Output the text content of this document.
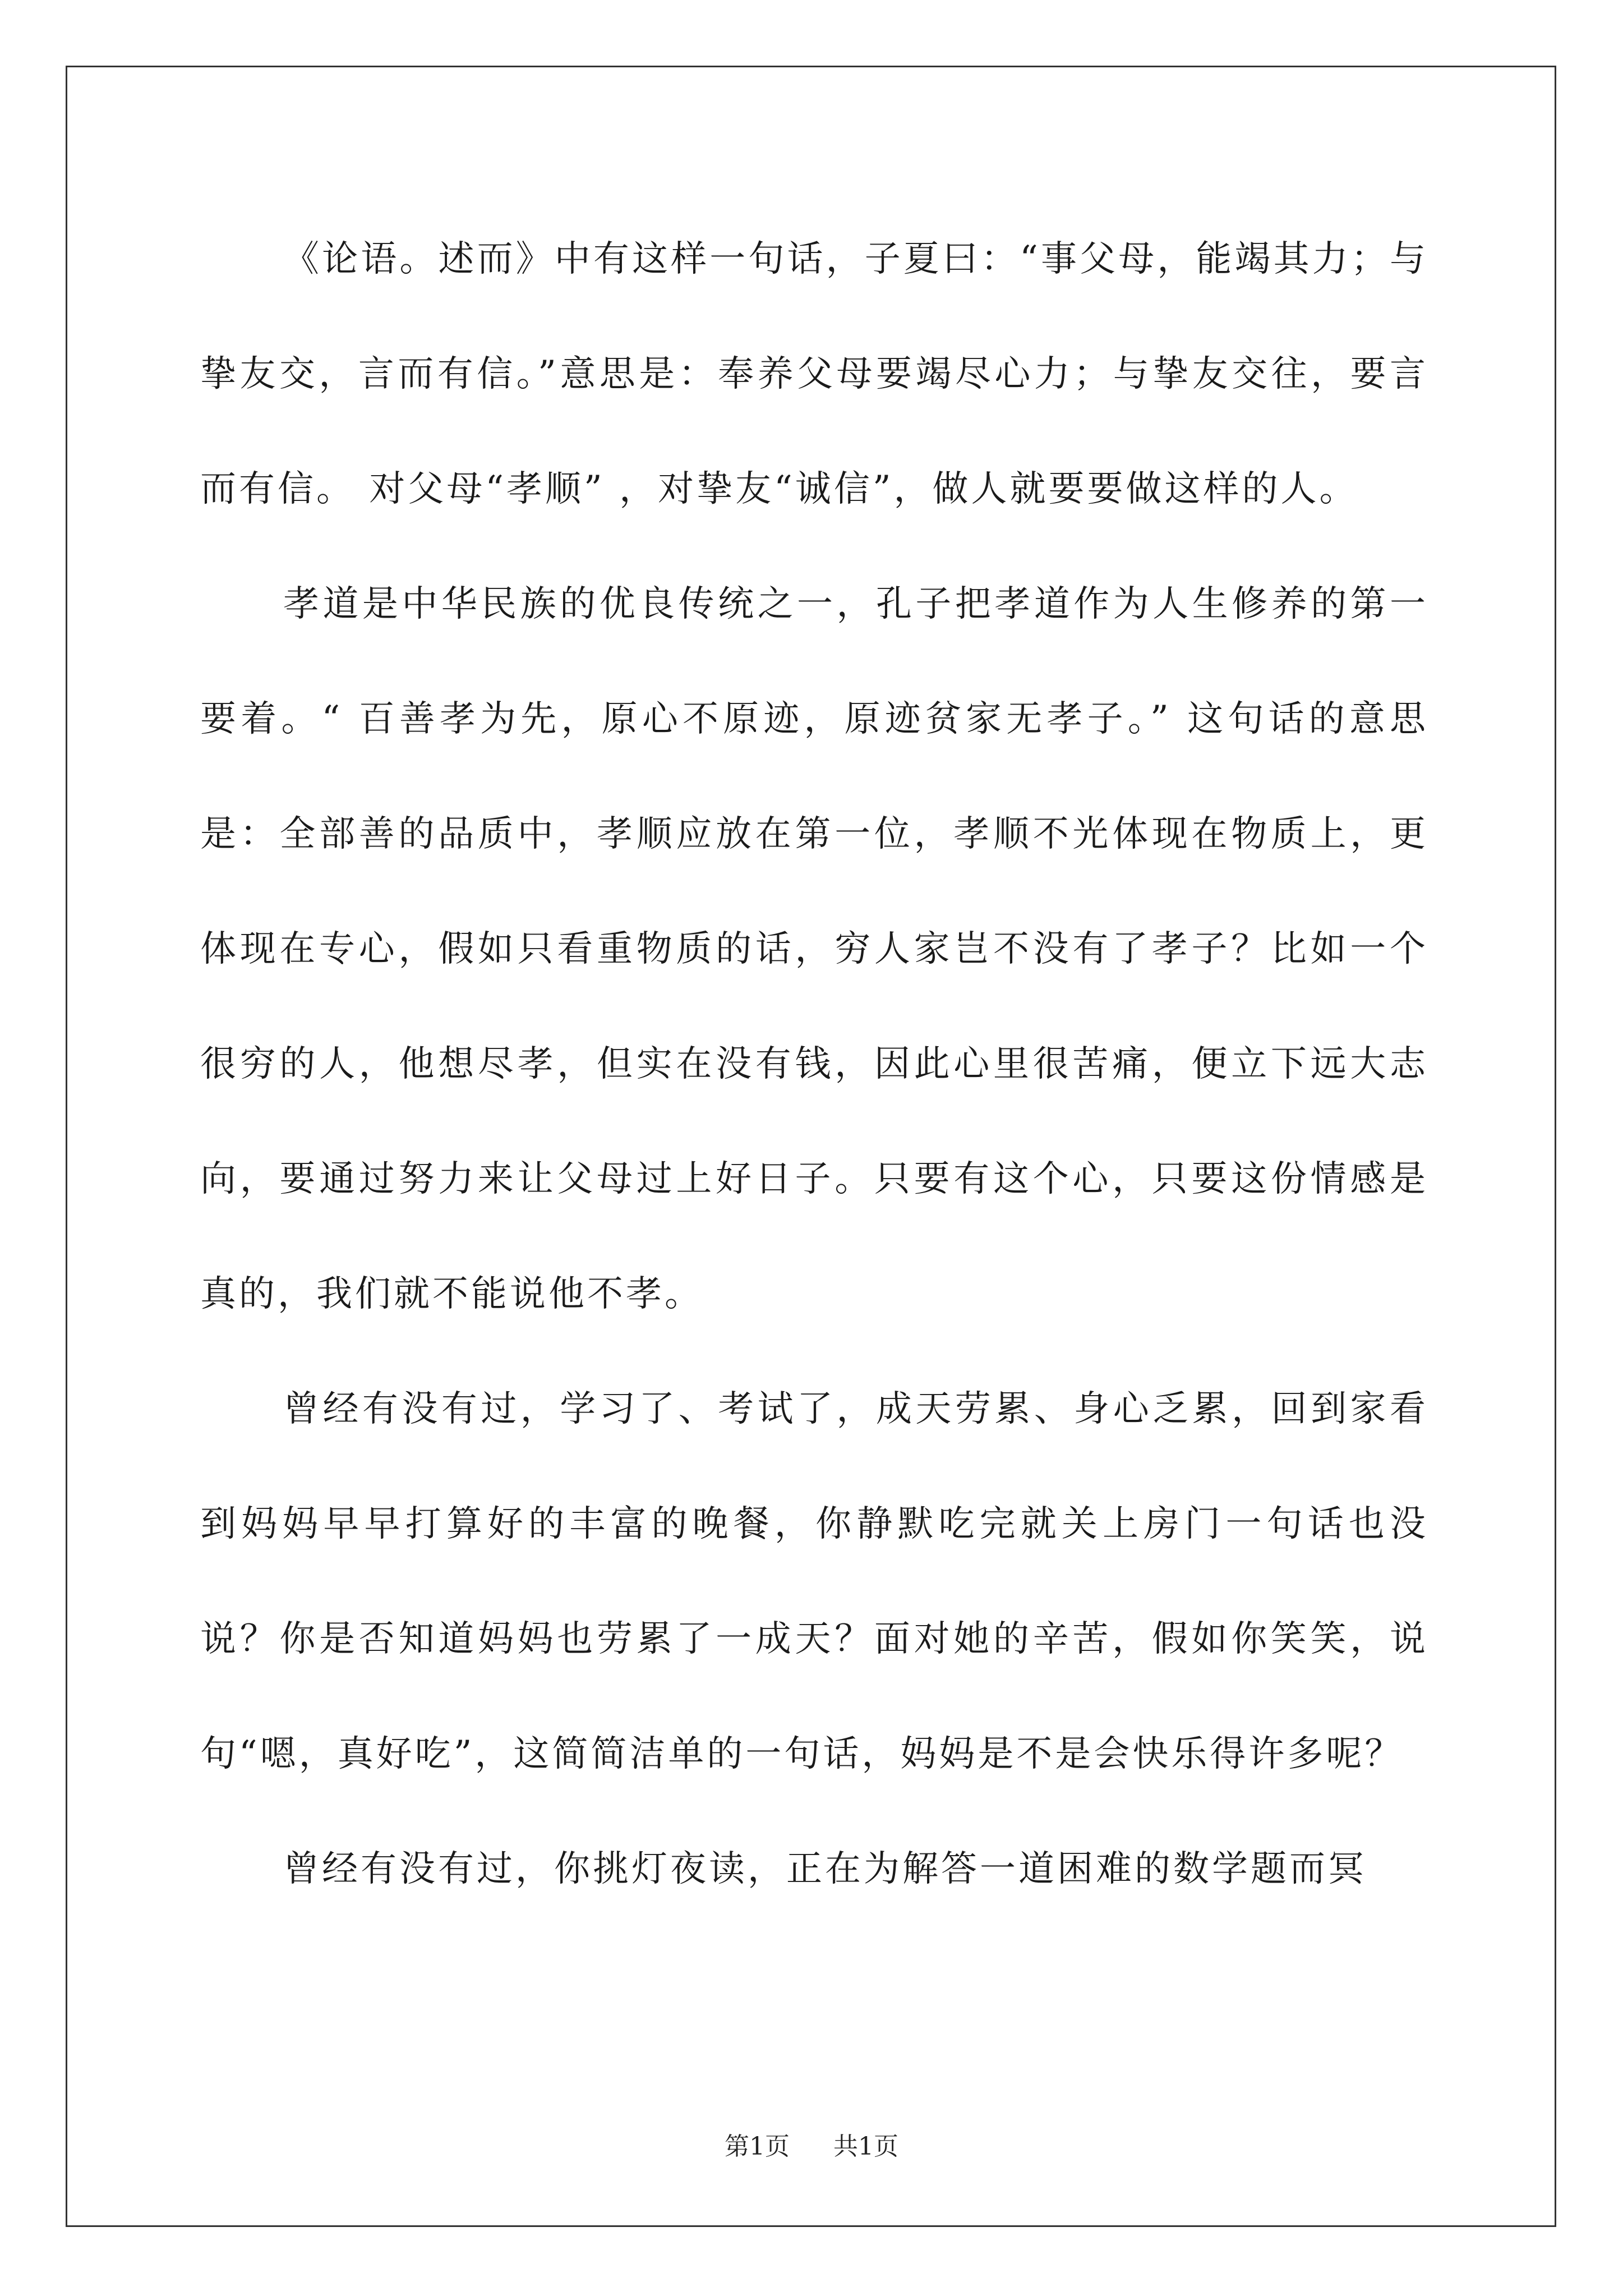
《论语。述而》中有这样一句话，子夏曰：“事父母，能竭其力；与挚友交，言而有信。”意思是：奉养父母要竭尽心力；与挚友交往，要言而有信。 对父母“孝顺” ，对挚友“诚信”，做人就要要做这样的人。

孝道是中华民族的优良传统之一，孔子把孝道作为人生修养的第一要着。“ 百善孝为先，原心不原迹，原迹贫家无孝子。” 这句话的意思是：全部善的品质中，孝顺应放在第一位，孝顺不光体现在物质上，更体现在专心，假如只看重物质的话，穷人家岂不没有了孝子？比如一个很穷的人，他想尽孝，但实在没有钱，因此心里很苦痛，便立下远大志向，要通过努力来让父母过上好日子。只要有这个心，只要这份情感是真的，我们就不能说他不孝。

曾经有没有过，学习了、考试了，成天劳累、身心乏累，回到家看到妈妈早早打算好的丰富的晚餐，你静默吃完就关上房门一句话也没说？你是否知道妈妈也劳累了一成天？面对她的辛苦，假如你笑笑，说句“嗯，真好吃”，这简简洁单的一句话，妈妈是不是会快乐得许多呢？

曾经有没有过，你挑灯夜读，正在为解答一道困难的数学题而冥

第1页 共1页
